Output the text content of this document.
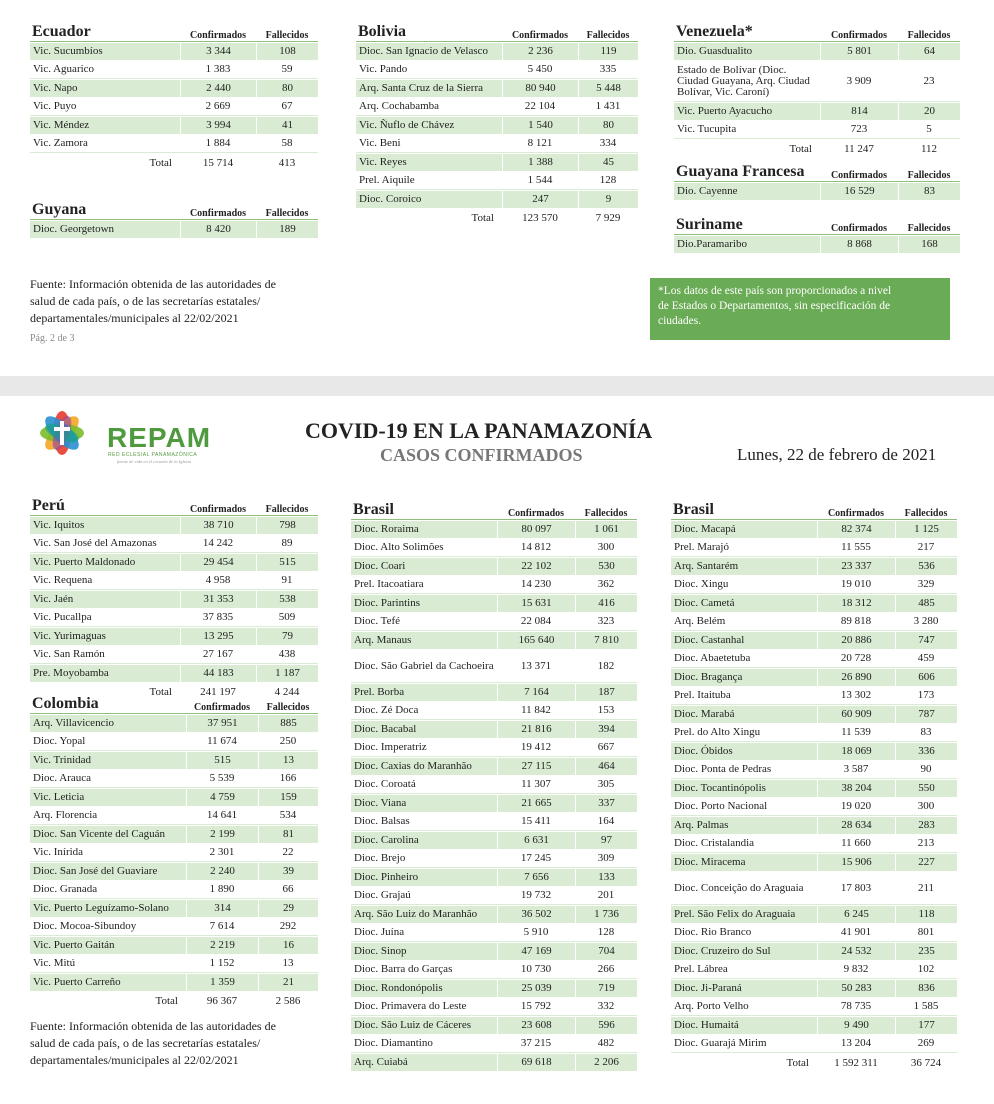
Ecuador	Confirmados	Fallecidos
Vic. Sucumbíos	3 344	108
Vic. Aguarico	1 383	59
Vic. Napo	2 440	80
Vic. Puyo	2 669	67
Vic. Méndez	3 994	41
Vic. Zamora	1 884	58
Total	15 714	413
Guyana	Confirmados	Fallecidos
Dioc. Georgetown	8 420	189
Bolivia	Confirmados	Fallecidos
Dioc. San Ignacio de Velasco	2 236	119
Vic. Pando	5 450	335
Arq. Santa Cruz de la Sierra	80 940	5 448
Arq. Cochabamba	22 104	1 431
Vic. Ñuflo de Chávez	1 540	80
Vic. Beni	8 121	334
Vic. Reyes	1 388	45
Prel. Aiquile	1 544	128
Dioc. Coroico	247	9
Total	123 570	7 929
Venezuela*	Confirmados	Fallecidos
Dio. Guasdualito	5 801	64
Estado de Bolívar (Dioc. Ciudad Guayana, Arq. Ciudad Bolívar, Vic. Caroní)	3 909	23
Vic. Puerto Ayacucho	814	20
Vic. Tucupita	723	5
Total	11 247	112
Guayana Francesa	Confirmados	Fallecidos
Dio. Cayenne	16 529	83
Suriname	Confirmados	Fallecidos
Dio.Paramaribo	8 868	168
Fuente: Información obtenida de las autoridades de
salud de cada país, o de las secretarías estatales/
departamentales/municipales al 22/02/2021
Pág. 2 de 3
*Los datos de este país son proporcionados a nivel
de Estados o Departamentos, sin especificación de
ciudades.
REPAM
RED ECLESIAL PANAMAZÓNICA
fuente de vida en el corazón de la Iglesia
COVID-19 EN LA PANAMAZONÍA
CASOS CONFIRMADOS	Lunes, 22 de febrero de 2021
Perú	Confirmados	Fallecidos
Vic. Iquitos	38 710	798
Vic. San José del Amazonas	14 242	89
Vic. Puerto Maldonado	29 454	515
Vic. Requena	4 958	91
Vic. Jaén	31 353	538
Vic. Pucallpa	37 835	509
Vic. Yurimaguas	13 295	79
Vic. San Ramón	27 167	438
Pre. Moyobamba	44 183	1 187
Total	241 197	4 244
Colombia	Confirmados	Fallecidos
Arq. Villavicencio	37 951	885
Dioc. Yopal	11 674	250
Vic. Trinidad	515	13
Dioc. Arauca	5 539	166
Vic. Leticia	4 759	159
Arq. Florencia	14 641	534
Dioc. San Vicente del Caguán	2 199	81
Vic. Inírida	2 301	22
Dioc. San José del Guaviare	2 240	39
Dioc. Granada	1 890	66
Vic. Puerto Leguízamo-Solano	314	29
Dioc. Mocoa-Sibundoy	7 614	292
Vic. Puerto Gaitán	2 219	16
Vic. Mitú	1 152	13
Vic. Puerto Carreño	1 359	21
Total	96 367	2 586
Brasil	Confirmados	Fallecidos
Dioc. Roraima	80 097	1 061
Dioc. Alto Solimões	14 812	300
Dioc. Coari	22 102	530
Prel. Itacoatiara	14 230	362
Dioc. Parintins	15 631	416
Dioc. Tefé	22 084	323
Arq. Manaus	165 640	7 810
Dioc. São Gabriel da Cachoeira	13 371	182
Prel. Borba	7 164	187
Dioc. Zé Doca	11 842	153
Dioc. Bacabal	21 816	394
Dioc. Imperatriz	19 412	667
Dioc. Caxias do Maranhão	27 115	464
Dioc. Coroatá	11 307	305
Dioc. Viana	21 665	337
Dioc. Balsas	15 411	164
Dioc. Carolina	6 631	97
Dioc. Brejo	17 245	309
Dioc. Pinheiro	7 656	133
Dioc. Grajaú	19 732	201
Arq. São Luiz do Maranhão	36 502	1 736
Dioc. Juína	5 910	128
Dioc. Sinop	47 169	704
Dioc. Barra do Garças	10 730	266
Dioc. Rondonópolis	25 039	719
Dioc. Primavera do Leste	15 792	332
Dioc. São Luiz de Cáceres	23 608	596
Dioc. Diamantino	37 215	482
Arq. Cuiabá	69 618	2 206
Brasil	Confirmados	Fallecidos
Dioc. Macapá	82 374	1 125
Prel. Marajó	11 555	217
Arq. Santarém	23 337	536
Dioc. Xingu	19 010	329
Dioc. Cametá	18 312	485
Arq. Belém	89 818	3 280
Dioc. Castanhal	20 886	747
Dioc. Abaetetuba	20 728	459
Dioc. Bragança	26 890	606
Prel. Itaituba	13 302	173
Dioc. Marabá	60 909	787
Prel. do Alto Xingu	11 539	83
Dioc. Óbidos	18 069	336
Dioc. Ponta de Pedras	3 587	90
Dioc. Tocantinópolis	38 204	550
Dioc. Porto Nacional	19 020	300
Arq. Palmas	28 634	283
Dioc. Cristalandia	11 660	213
Dioc. Miracema	15 906	227
Dioc. Conceição do Araguaia	17 803	211
Prel. São Felix do Araguaia	6 245	118
Dioc. Rio Branco	41 901	801
Dioc. Cruzeiro do Sul	24 532	235
Prel. Lábrea	9 832	102
Dioc. Ji-Paraná	50 283	836
Arq. Porto Velho	78 735	1 585
Dioc. Humaitá	9 490	177
Dioc. Guarajá Mirim	13 204	269
Total	1 592 311	36 724
Fuente: Información obtenida de las autoridades de
salud de cada país, o de las secretarías estatales/
departamentales/municipales al 22/02/2021
